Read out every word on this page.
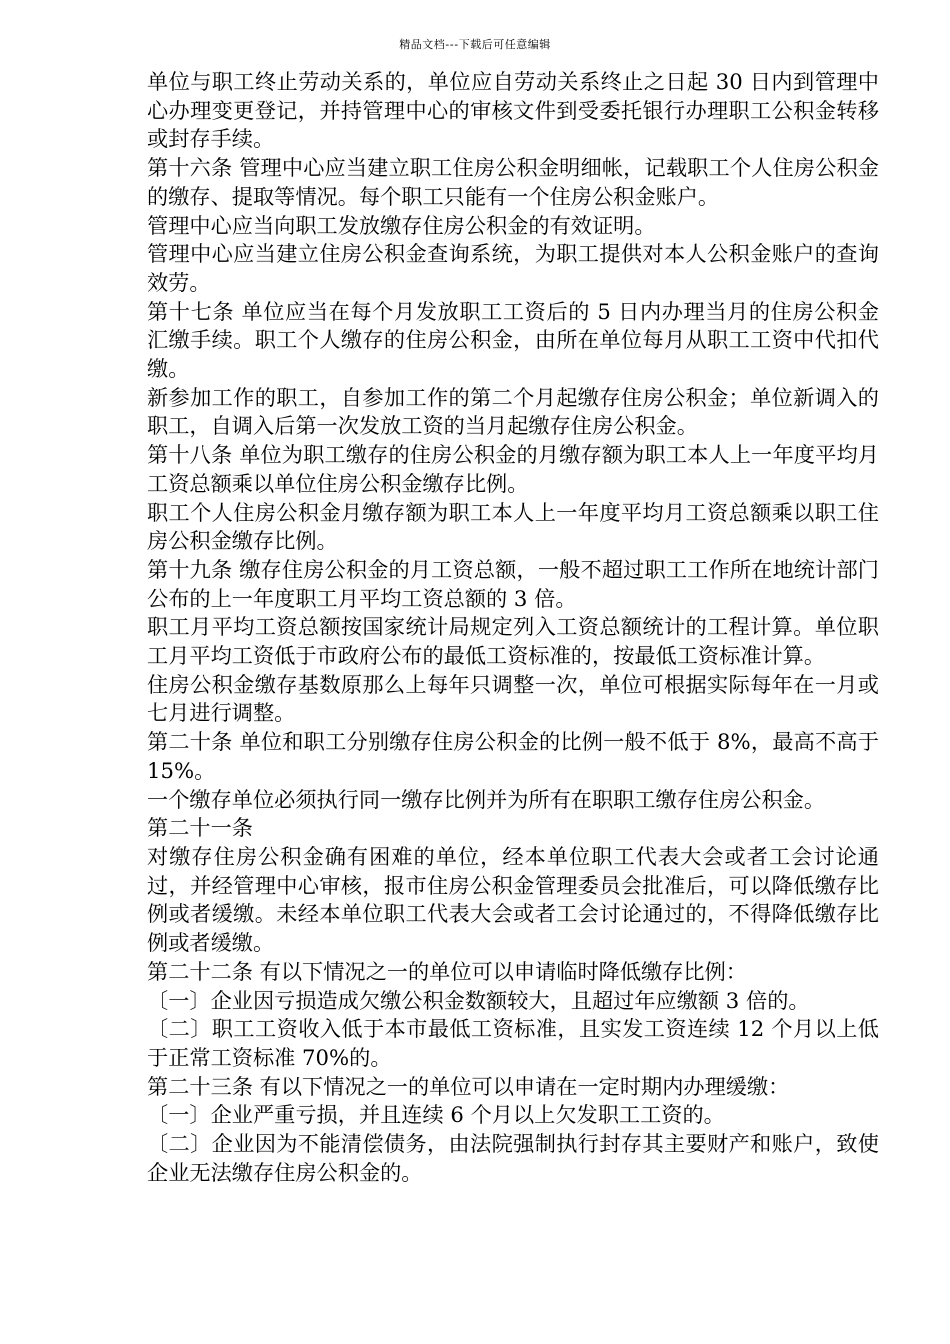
精品文档---下载后可任意编辑

单位与职工终止劳动关系的，单位应自劳动关系终止之日起 30 日内到管理中心办理变更登记，并持管理中心的审核文件到受委托银行办理职工公积金转移或封存手续。

第十六条 管理中心应当建立职工住房公积金明细帐，记载职工个人住房公积金的缴存、提取等情况。每个职工只能有一个住房公积金账户。

管理中心应当向职工发放缴存住房公积金的有效证明。

管理中心应当建立住房公积金查询系统，为职工提供对本人公积金账户的查询效劳。

第十七条 单位应当在每个月发放职工工资后的 5 日内办理当月的住房公积金汇缴手续。职工个人缴存的住房公积金，由所在单位每月从职工工资中代扣代缴。

新参加工作的职工，自参加工作的第二个月起缴存住房公积金；单位新调入的职工，自调入后第一次发放工资的当月起缴存住房公积金。

第十八条 单位为职工缴存的住房公积金的月缴存额为职工本人上一年度平均月工资总额乘以单位住房公积金缴存比例。

职工个人住房公积金月缴存额为职工本人上一年度平均月工资总额乘以职工住房公积金缴存比例。

第十九条 缴存住房公积金的月工资总额，一般不超过职工工作所在地统计部门公布的上一年度职工月平均工资总额的 3 倍。

职工月平均工资总额按国家统计局规定列入工资总额统计的工程计算。单位职工月平均工资低于市政府公布的最低工资标准的，按最低工资标准计算。

住房公积金缴存基数原那么上每年只调整一次，单位可根据实际每年在一月或七月进行调整。

第二十条 单位和职工分别缴存住房公积金的比例一般不低于 8%，最高不高于 15%。

一个缴存单位必须执行同一缴存比例并为所有在职职工缴存住房公积金。

第二十一条

对缴存住房公积金确有困难的单位，经本单位职工代表大会或者工会讨论通过，并经管理中心审核，报市住房公积金管理委员会批准后，可以降低缴存比例或者缓缴。未经本单位职工代表大会或者工会讨论通过的，不得降低缴存比例或者缓缴。

第二十二条 有以下情况之一的单位可以申请临时降低缴存比例：

〔一〕企业因亏损造成欠缴公积金数额较大，且超过年应缴额 3 倍的。

〔二〕职工工资收入低于本市最低工资标准，且实发工资连续 12 个月以上低于正常工资标准 70%的。

第二十三条 有以下情况之一的单位可以申请在一定时期内办理缓缴：

〔一〕企业严重亏损，并且连续 6 个月以上欠发职工工资的。

〔二〕企业因为不能清偿债务，由法院强制执行封存其主要财产和账户，致使企业无法缴存住房公积金的。
